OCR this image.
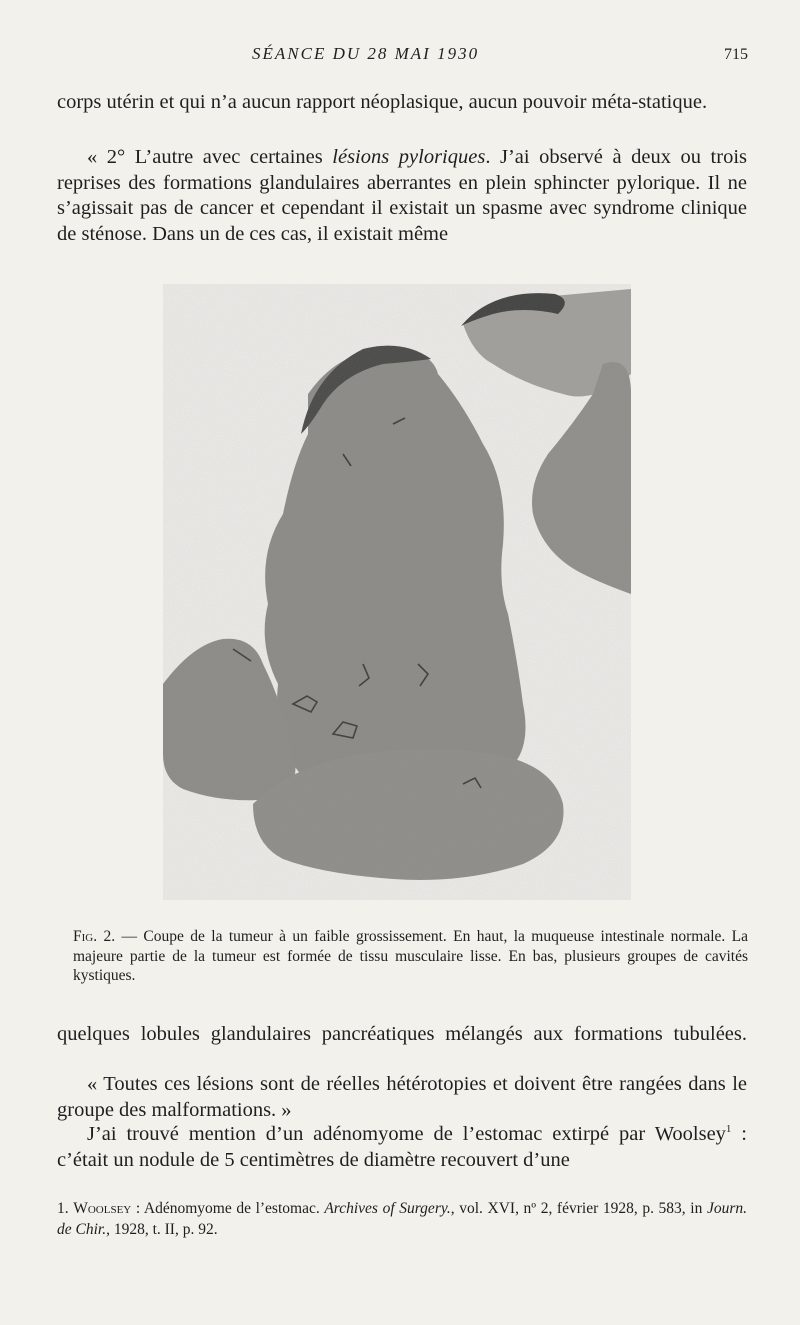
SÉANCE DU 28 MAI 1930	715
corps utérin et qui n’a aucun rapport néoplasique, aucun pouvoir méta-statique.
« 2° L’autre avec certaines lésions pyloriques. J’ai observé à deux ou trois reprises des formations glandulaires aberrantes en plein sphincter pylorique. Il ne s’agissait pas de cancer et cependant il existait un spasme avec syndrome clinique de sténose. Dans un de ces cas, il existait même
Fig. 2. — Coupe de la tumeur à un faible grossissement. En haut, la muqueuse intestinale normale. La majeure partie de la tumeur est formée de tissu musculaire lisse. En bas, plusieurs groupes de cavités kystiques.
quelques lobules glandulaires pancréatiques mélangés aux formations tubulées.
« Toutes ces lésions sont de réelles hétérotopies et doivent être rangées dans le groupe des malformations. »
J’ai trouvé mention d’un adénomyome de l’estomac extirpé par Woolsey$^1$ : c’était un nodule de 5 centimètres de diamètre recouvert d’une
1. Woolsey : Adénomyome de l’estomac. Archives of Surgery., vol. XVI, nº 2, février 1928, p. 583, in Journ. de Chir., 1928, t. II, p. 92.
